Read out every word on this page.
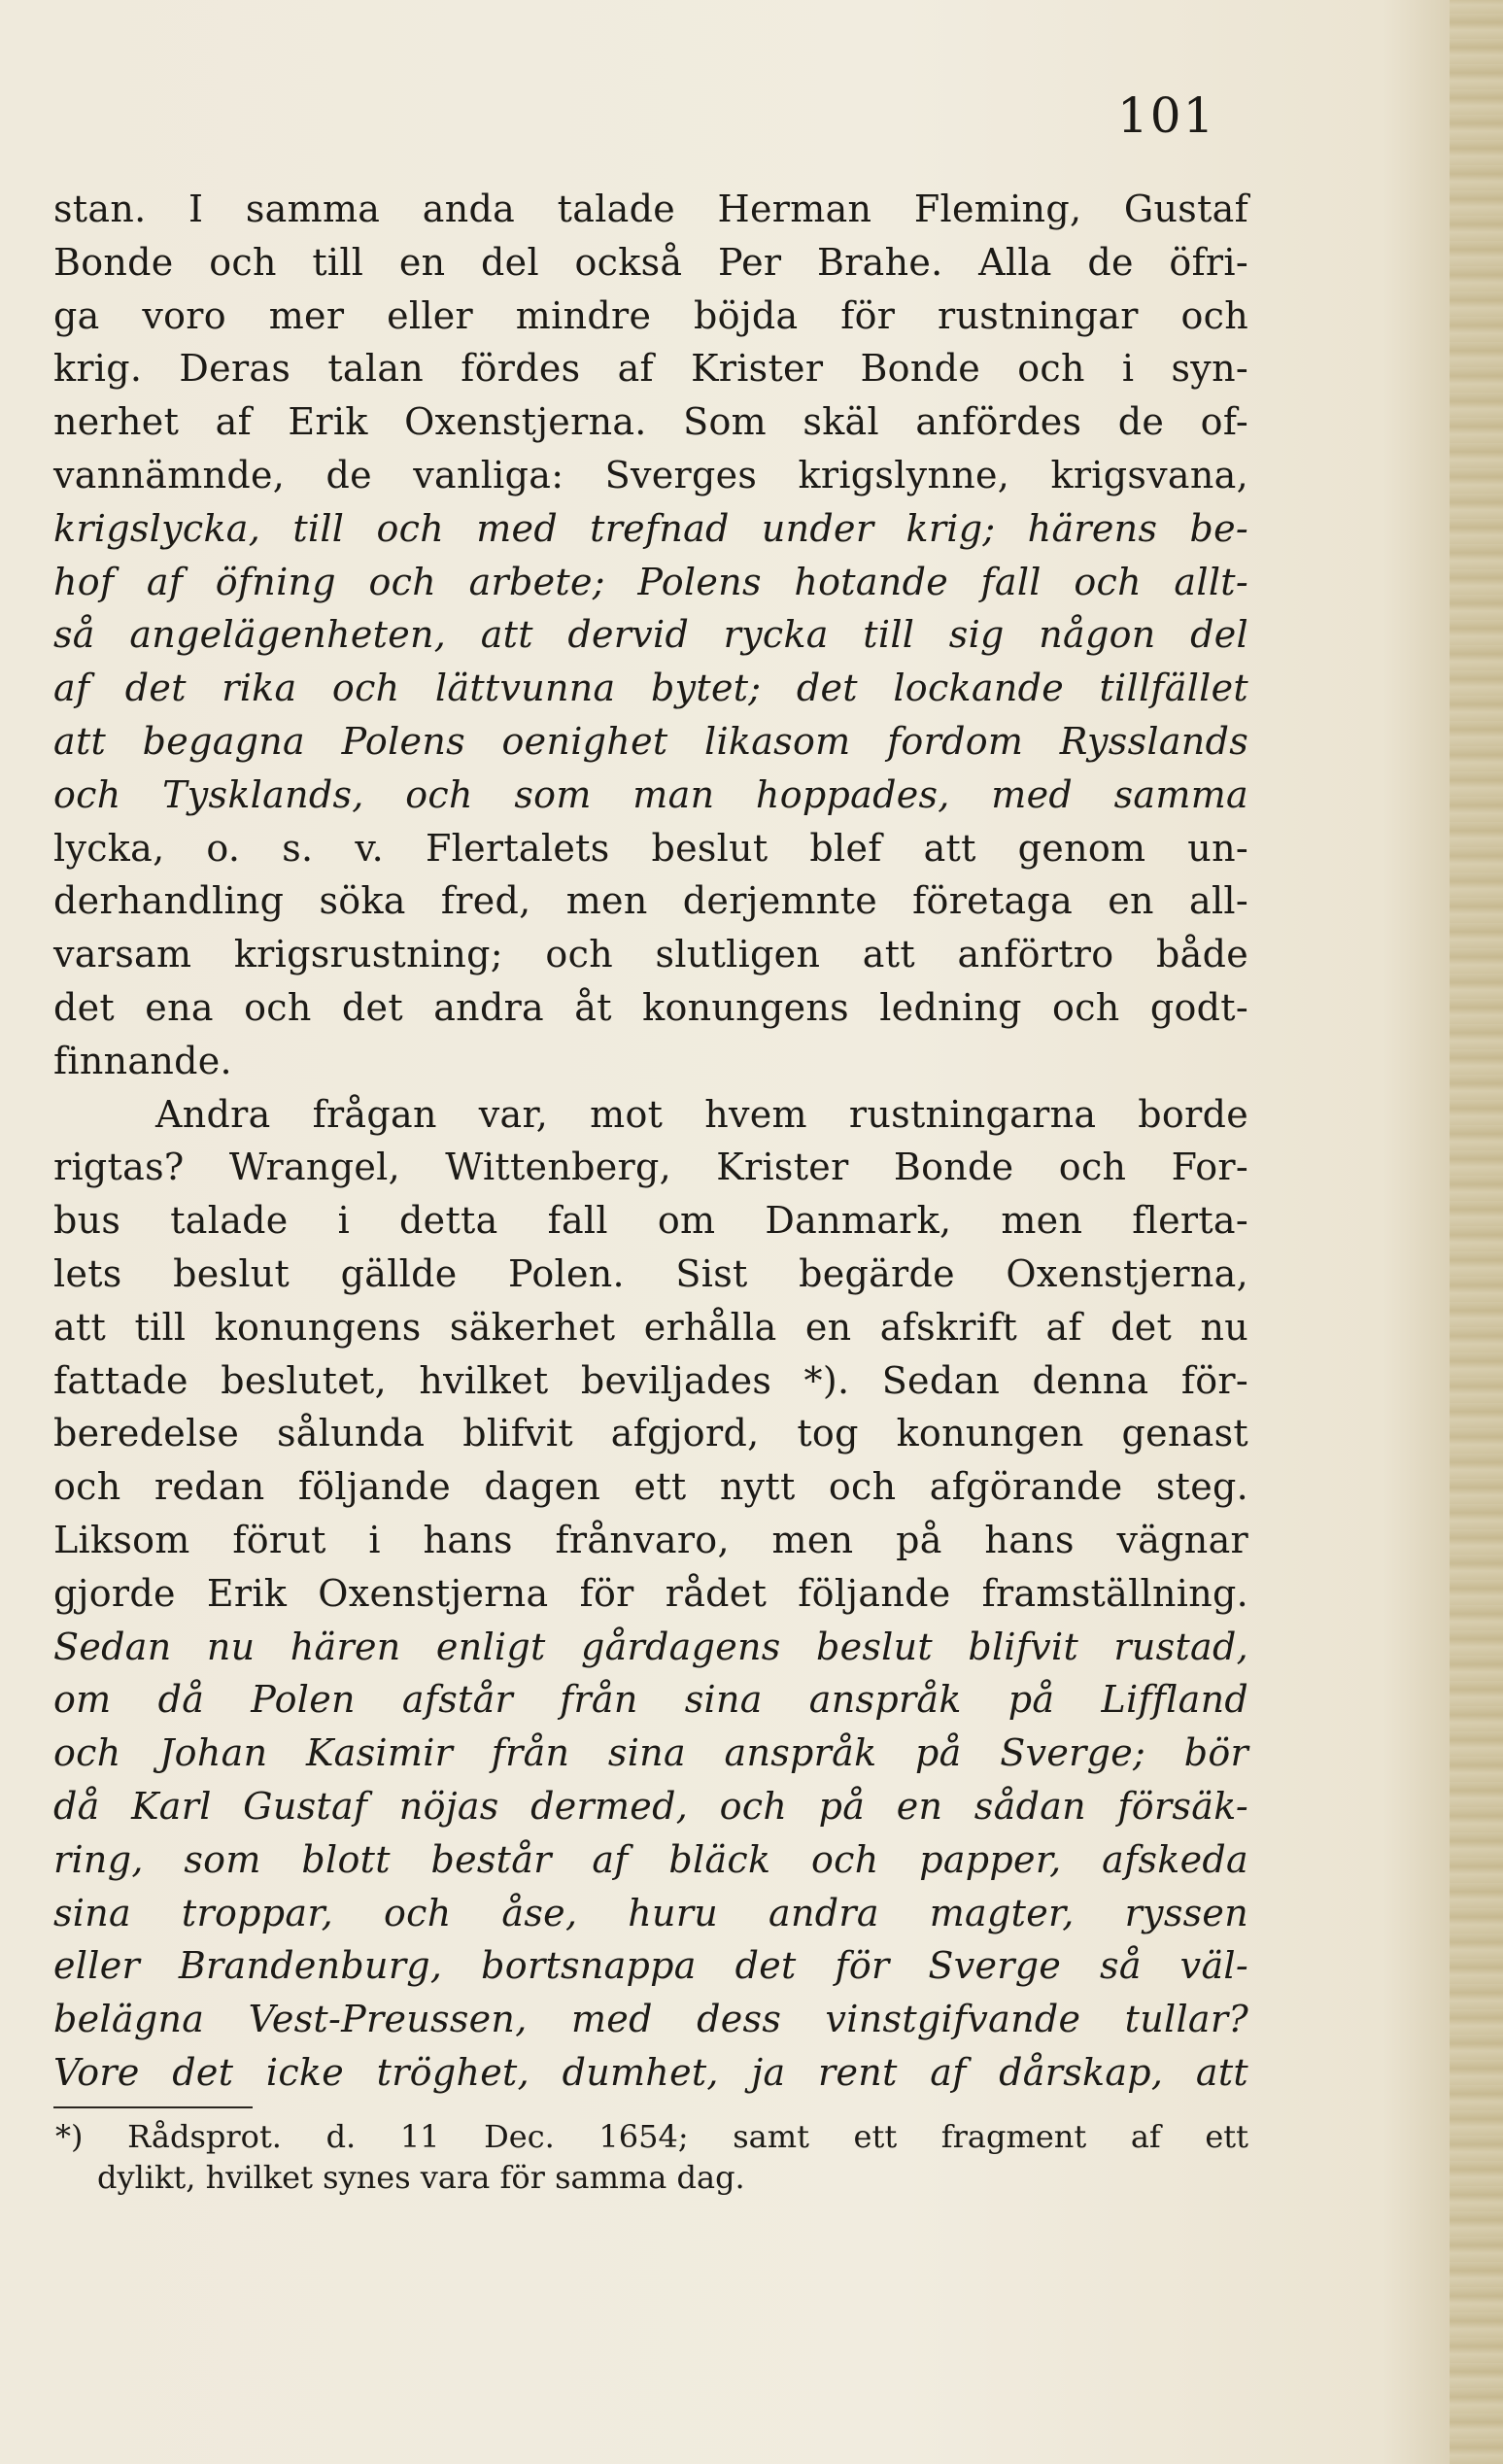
101
stan. I samma anda talade Herman Fleming, Gustaf
Bonde och till en del också Per Brahe. Alla de öfri-
ga voro mer eller mindre böjda för rustningar och
krig. Deras talan fördes af Krister Bonde och i syn-
nerhet af Erik Oxenstjerna. Som skäl anfördes de of-
vannämnde, de vanliga: Sverges krigslynne, krigsvana,
krigslycka, till och med trefnad under krig; härens be-
hof af öfning och arbete; Polens hotande fall och allt-
så angelägenheten, att dervid rycka till sig någon del
af det rika och lättvunna bytet; det lockande tillfället
att begagna Polens oenighet likasom fordom Rysslands
och Tysklands, och som man hoppades, med samma
lycka, o. s. v. Flertalets beslut blef att genom un-
derhandling söka fred, men derjemnte företaga en all-
varsam krigsrustning; och slutligen att anförtro både
det ena och det andra åt konungens ledning och godt-
finnande.
Andra frågan var, mot hvem rustningarna borde
rigtas? Wrangel, Wittenberg, Krister Bonde och For-
bus talade i detta fall om Danmark, men flerta-
lets beslut gällde Polen. Sist begärde Oxenstjerna,
att till konungens säkerhet erhålla en afskrift af det nu
fattade beslutet, hvilket beviljades *). Sedan denna för-
beredelse sålunda blifvit afgjord, tog konungen genast
och redan följande dagen ett nytt och afgörande steg.
Liksom förut i hans frånvaro, men på hans vägnar
gjorde Erik Oxenstjerna för rådet följande framställning.
Sedan nu hären enligt gårdagens beslut blifvit rustad,
om då Polen afstår från sina anspråk på Liffland
och Johan Kasimir från sina anspråk på Sverge; bör
då Karl Gustaf nöjas dermed, och på en sådan försäk-
ring, som blott består af bläck och papper, afskeda
sina troppar, och åse, huru andra magter, ryssen
eller Brandenburg, bortsnappa det för Sverge så väl-
belägna Vest-Preussen, med dess vinstgifvande tullar?
Vore det icke tröghet, dumhet, ja rent af dårskap, att
*) Rådsprot. d. 11 Dec. 1654; samt ett fragment af ett
dylikt, hvilket synes vara för samma dag.
